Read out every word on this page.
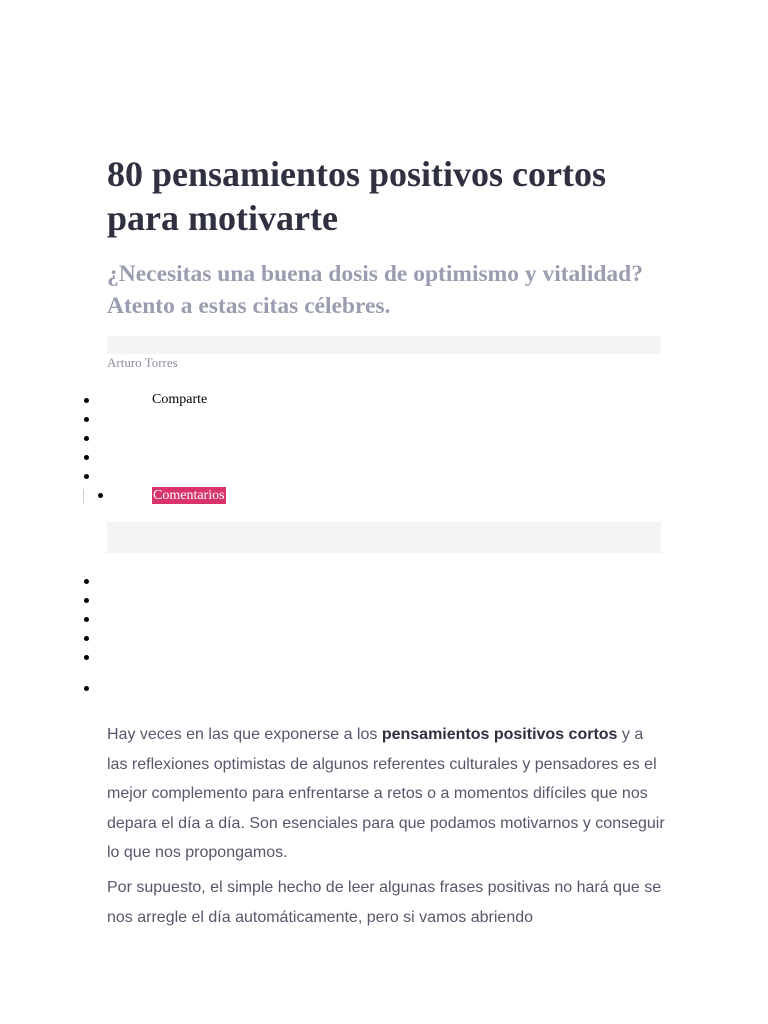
80 pensamientos positivos cortos para motivarte
¿Necesitas una buena dosis de optimismo y vitalidad? Atento a estas citas célebres.
Arturo Torres
Comparte
Comentarios

Hay veces en las que exponerse a los pensamientos positivos cortos y a las reflexiones optimistas de algunos referentes culturales y pensadores es el mejor complemento para enfrentarse a retos o a momentos difíciles que nos depara el día a día. Son esenciales para que podamos motivarnos y conseguir lo que nos propongamos.

Por supuesto, el simple hecho de leer algunas frases positivas no hará que se nos arregle el día automáticamente, pero si vamos abriendo
